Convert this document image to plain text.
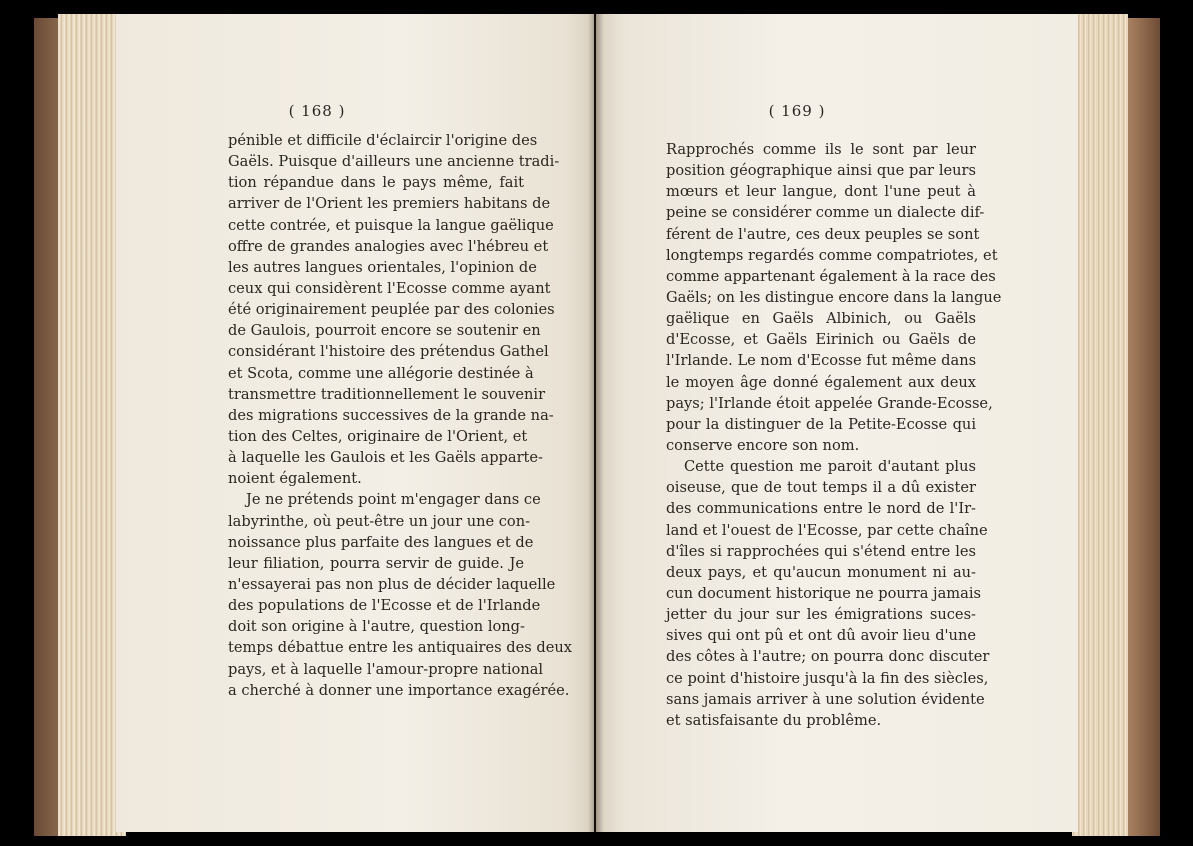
( 168 )
pénible et difficile d'éclaircir l'origine des
Gaëls. Puisque d'ailleurs une ancienne tradi-
tion répandue dans le pays même, fait
arriver de l'Orient les premiers habitans de
cette contrée, et puisque la langue gaëlique
offre de grandes analogies avec l'hébreu et
les autres langues orientales, l'opinion de
ceux qui considèrent l'Ecosse comme ayant
été originairement peuplée par des colonies
de Gaulois, pourroit encore se soutenir en
considérant l'histoire des prétendus Gathel
et Scota, comme une allégorie destinée à
transmettre traditionnellement le souvenir
des migrations successives de la grande na-
tion des Celtes, originaire de l'Orient, et
à laquelle les Gaulois et les Gaëls apparte-
noient également.
Je ne prétends point m'engager dans ce
labyrinthe, où peut-être un jour une con-
noissance plus parfaite des langues et de
leur filiation, pourra servir de guide. Je
n'essayerai pas non plus de décider laquelle
des populations de l'Ecosse et de l'Irlande
doit son origine à l'autre, question long-
temps débattue entre les antiquaires des deux
pays, et à laquelle l'amour-propre national
a cherché à donner une importance exagérée.
( 169 )
Rapprochés comme ils le sont par leur
position géographique ainsi que par leurs
mœurs et leur langue, dont l'une peut à
peine se considérer comme un dialecte dif-
férent de l'autre, ces deux peuples se sont
longtemps regardés comme compatriotes, et
comme appartenant également à la race des
Gaëls; on les distingue encore dans la langue
gaëlique en Gaëls Albinich, ou Gaëls
d'Ecosse, et Gaëls Eirinich ou Gaëls de
l'Irlande. Le nom d'Ecosse fut même dans
le moyen âge donné également aux deux
pays; l'Irlande étoit appelée Grande-Ecosse,
pour la distinguer de la Petite-Ecosse qui
conserve encore son nom.
Cette question me paroit d'autant plus
oiseuse, que de tout temps il a dû exister
des communications entre le nord de l'Ir-
land et l'ouest de l'Ecosse, par cette chaîne
d'îles si rapprochées qui s'étend entre les
deux pays, et qu'aucun monument ni au-
cun document historique ne pourra jamais
jetter du jour sur les émigrations suces-
sives qui ont pû et ont dû avoir lieu d'une
des côtes à l'autre; on pourra donc discuter
ce point d'histoire jusqu'à la fin des siècles,
sans jamais arriver à une solution évidente
et satisfaisante du problême.
